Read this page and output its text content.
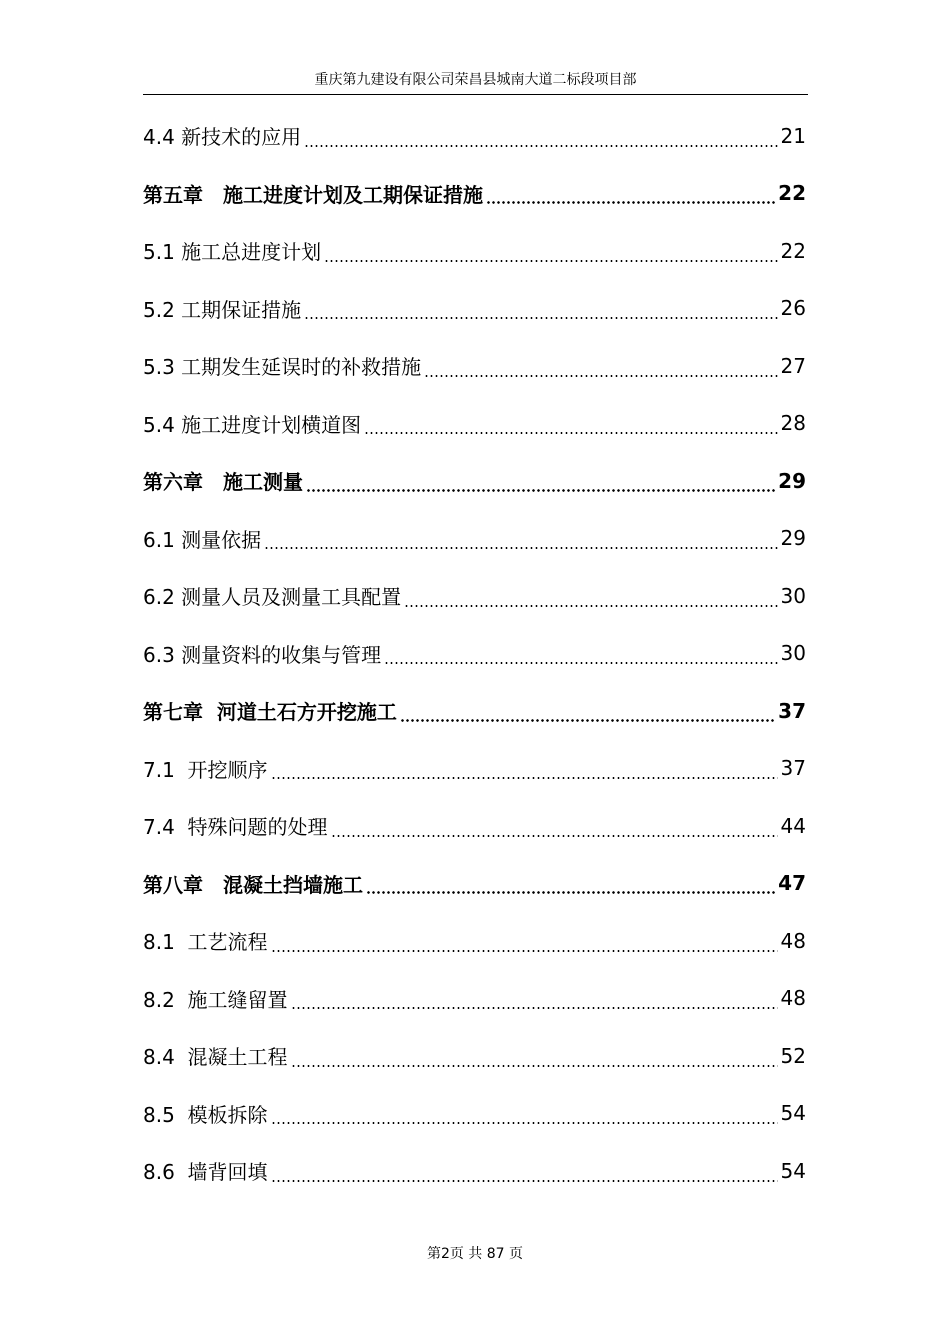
重庆第九建设有限公司荣昌县城南大道二标段项目部
4.4 新技术的应用	21
第五章　施工进度计划及工期保证措施	22
5.1 施工总进度计划	22
5.2 工期保证措施	26
5.3 工期发生延误时的补救措施	27
5.4 施工进度计划横道图	28
第六章　施工测量	29
6.1 测量依据	29
6.2 测量人员及测量工具配置	30
6.3 测量资料的收集与管理	30
第七章  河道土石方开挖施工	37
7.1  开挖顺序	37
7.4  特殊问题的处理	44
第八章　混凝土挡墙施工	47
8.1  工艺流程	48
8.2  施工缝留置	48
8.4  混凝土工程	52
8.5  模板拆除	54
8.6  墙背回填	54
第2页 共 87 页
